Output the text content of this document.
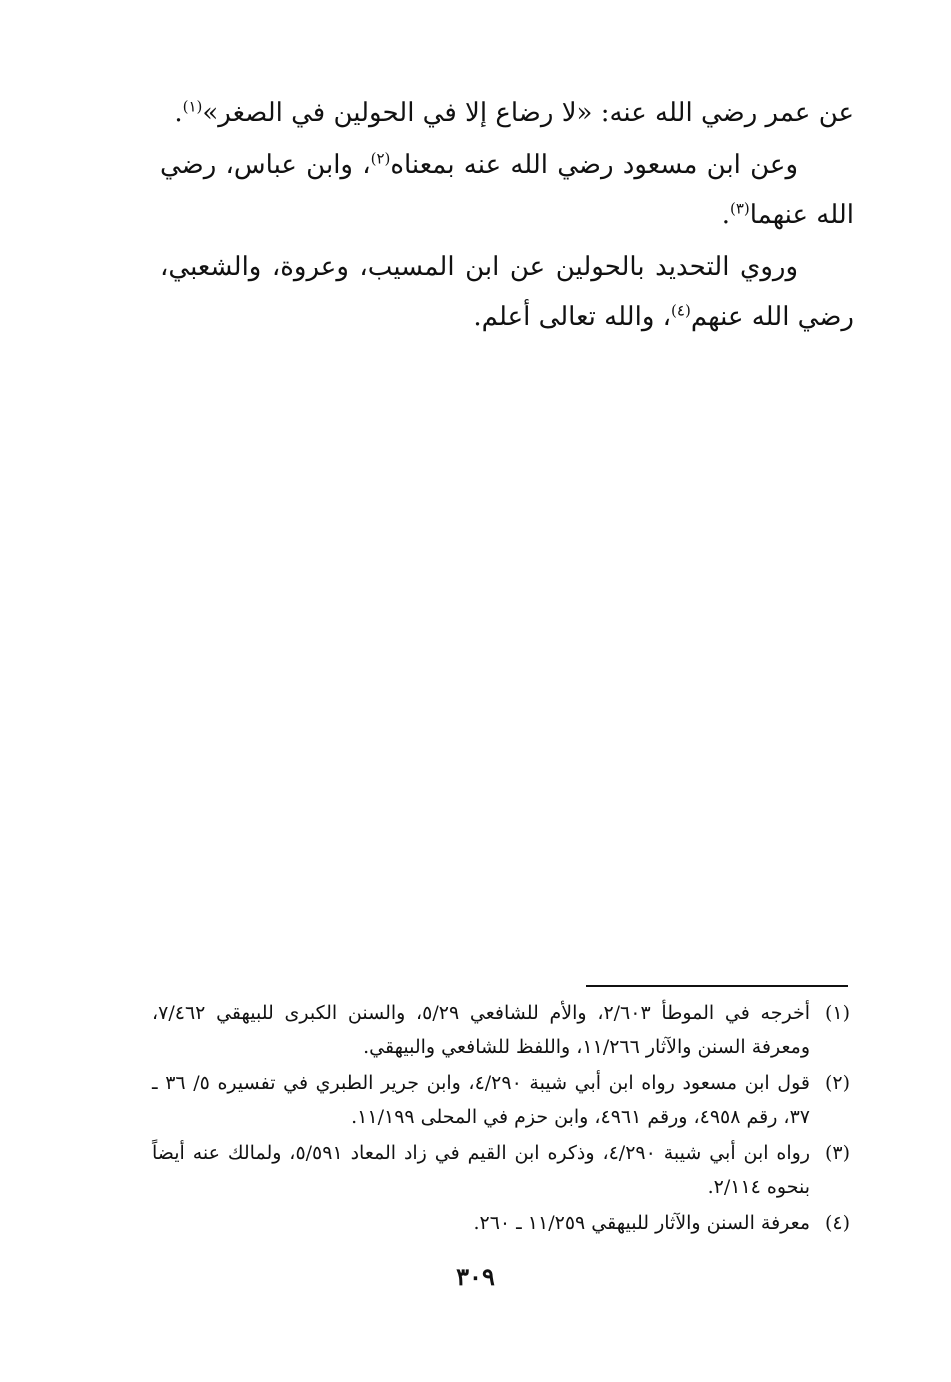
عن عمر رضي الله عنه: «لا رضاع إلا في الحولين في الصغر»$^{(١)}$.

وعن ابن مسعود رضي الله عنه بمعناه$^{(٢)}$، وابن عباس، رضي الله عنهما$^{(٣)}$.

وروي التحديد بالحولين عن ابن المسيب، وعروة، والشعبي، رضي الله عنهم$^{(٤)}$، والله تعالى أعلم.

(١)
أخرجه في الموطأ ٢/٦٠٣، والأم للشافعي ٥/٢٩، والسنن الكبرى للبيهقي ٧/٤٦٢، ومعرفة السنن والآثار ١١/٢٦٦، واللفظ للشافعي والبيهقي.
(٢)
قول ابن مسعود رواه ابن أبي شيبة ٤/٢٩٠، وابن جرير الطبري في تفسيره ٥/ ٣٦ ـ ٣٧، رقم ٤٩٥٨، ورقم ٤٩٦١، وابن حزم في المحلى ١١/١٩٩.
(٣)
رواه ابن أبي شيبة ٤/٢٩٠، وذكره ابن القيم في زاد المعاد ٥/٥٩١، ولمالك عنه أيضاً بنحوه ٢/١١٤.
(٤)
معرفة السنن والآثار للبيهقي ١١/٢٥٩ ـ ٢٦٠.
٣٠٩
